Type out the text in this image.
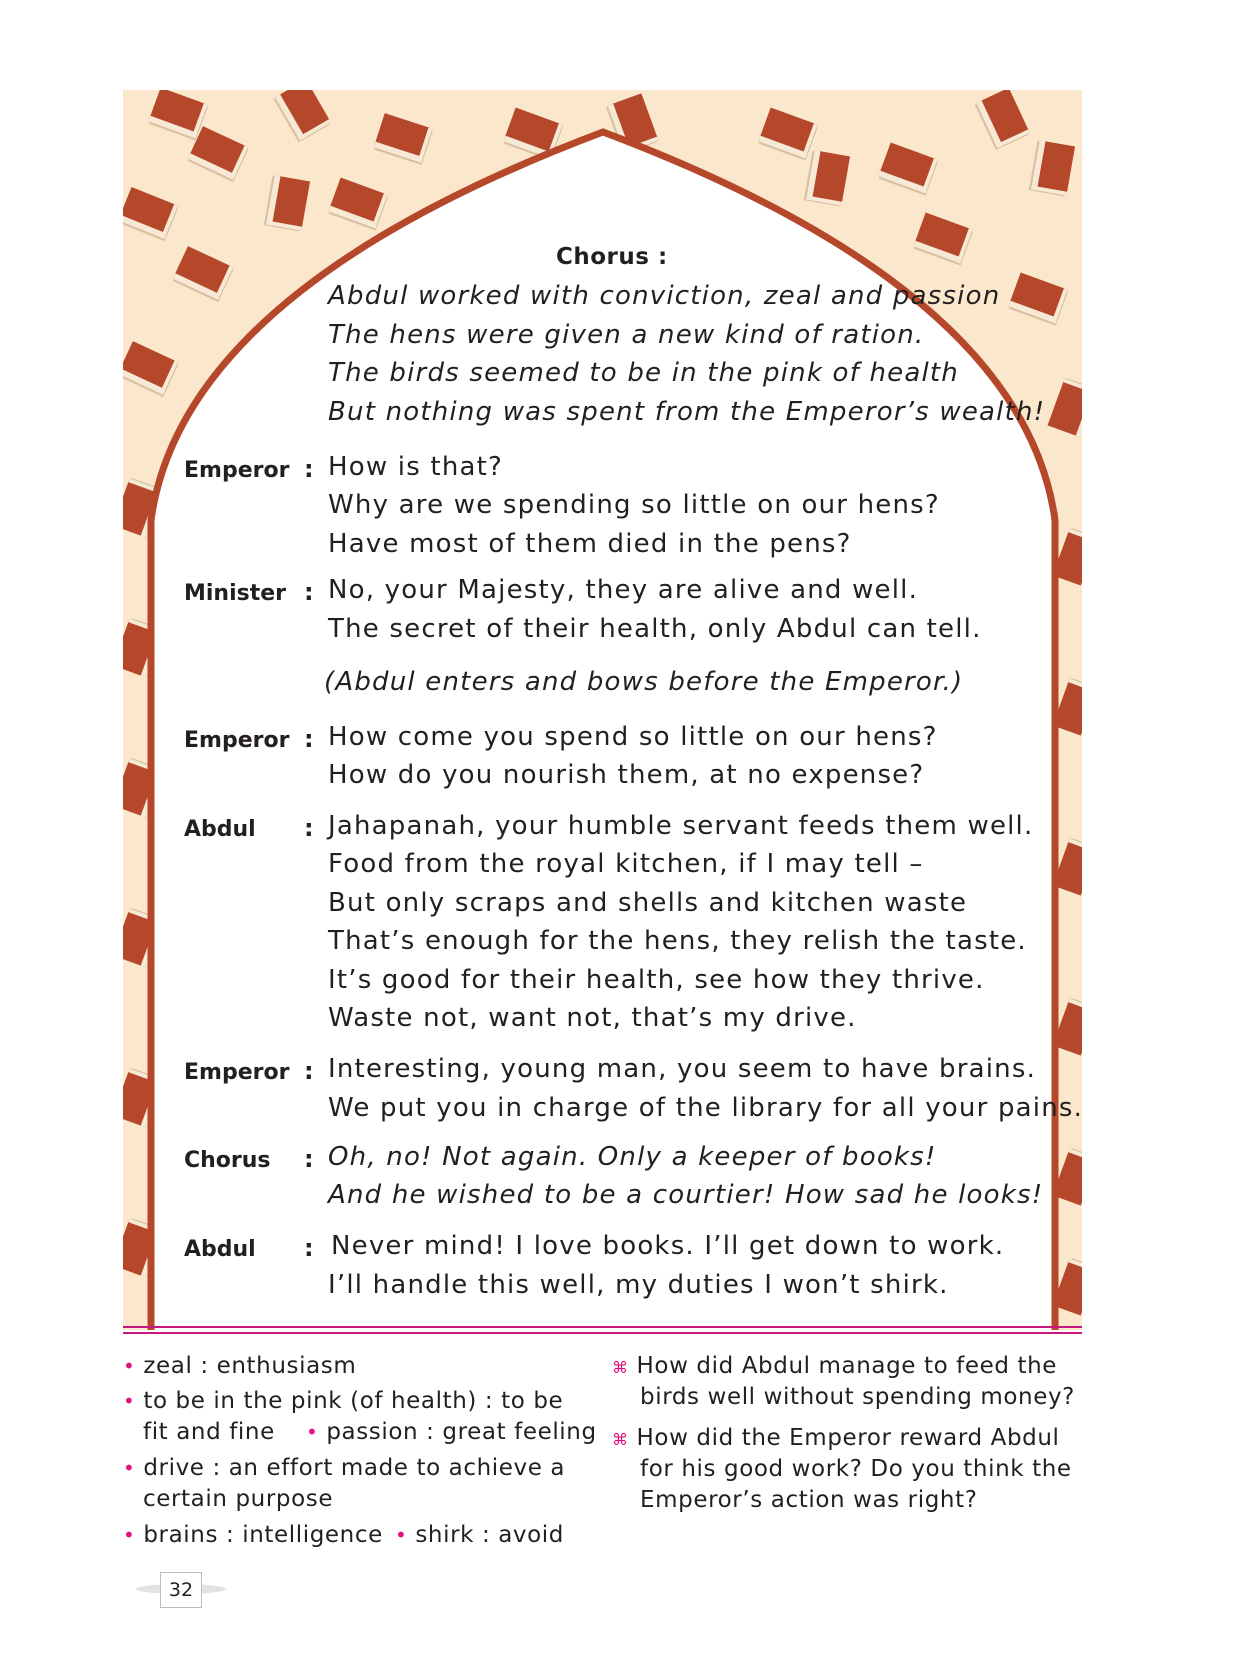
Chorus :
Abdul worked with conviction, zeal and passion
The hens were given a new kind of ration.
The birds seemed to be in the pink of health
But nothing was spent from the Emperor’s wealth!
Emperor : How is that?
Why are we spending so little on our hens?
Have most of them died in the pens?
Minister : No, your Majesty, they are alive and well.
The secret of their health, only Abdul can tell.
(Abdul enters and bows before the Emperor.)
Emperor : How come you spend so little on our hens?
How do you nourish them, at no expense?
Abdul : Jahapanah, your humble servant feeds them well.
Food from the royal kitchen, if I may tell –
But only scraps and shells and kitchen waste
That’s enough for the hens, they relish the taste.
It’s good for their health, see how they thrive.
Waste not, want not, that’s my drive.
Emperor : Interesting, young man, you seem to have brains.
We put you in charge of the library for all your pains.
Chorus : Oh, no! Not again. Only a keeper of books!
And he wished to be a courtier! How sad he looks!
Abdul : Never mind! I love books. I’ll get down to work.
I’ll handle this well, my duties I won’t shirk.
• zeal : enthusiasm
• to be in the pink (of health) : to be
fit and fine • passion : great feeling
• drive : an effort made to achieve a
certain purpose
• brains : intelligence • shirk : avoid
⌘ How did Abdul manage to feed the
birds well without spending money?
⌘ How did the Emperor reward Abdul
for his good work? Do you think the
Emperor’s action was right?
32
